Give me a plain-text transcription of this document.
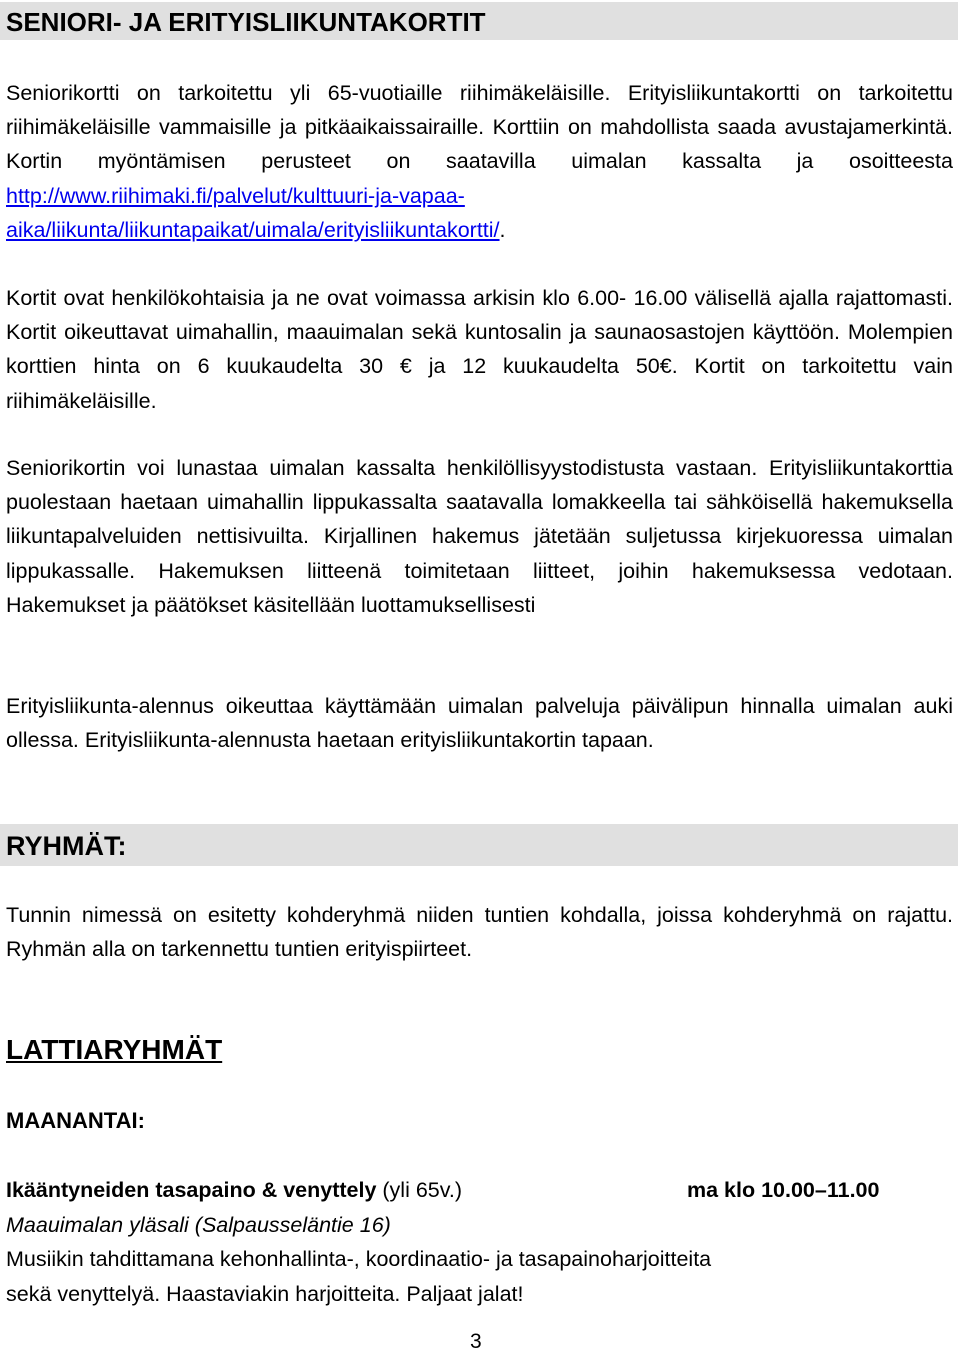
SENIORI- JA ERITYISLIIKUNTAKORTIT
Seniorikortti on tarkoitettu yli 65-vuotiaille riihimäkeläisille. Erityisliikuntakortti on tarkoitettu riihimäkeläisille vammaisille ja pitkäaikaissairaille. Korttiin on mahdollista saada avustajamerkintä. Kortin myöntämisen perusteet on saatavilla uimalan kassalta ja osoitteesta http://www.riihimaki.fi/palvelut/kulttuuri-ja-vapaa-aika/liikunta/liikuntapaikat/uimala/erityisliikuntakortti/.
Kortit ovat henkilökohtaisia ja ne ovat voimassa arkisin klo 6.00- 16.00 välisellä ajalla rajattomasti. Kortit oikeuttavat uimahallin, maauimalan sekä kuntosalin ja saunaosastojen käyttöön. Molempien korttien hinta on 6 kuukaudelta 30 € ja 12 kuukaudelta 50€. Kortit on tarkoitettu vain riihimäkeläisille.
Seniorikortin voi lunastaa uimalan kassalta henkilöllisyystodistusta vastaan. Erityisliikuntakorttia puolestaan haetaan uimahallin lippukassalta saatavalla lomakkeella tai sähköisellä hakemuksella liikuntapalveluiden nettisivuilta. Kirjallinen hakemus jätetään suljetussa kirjekuoressa uimalan lippukassalle. Hakemuksen liitteenä toimitetaan liitteet, joihin hakemuksessa vedotaan. Hakemukset ja päätökset käsitellään luottamuksellisesti
Erityisliikunta-alennus oikeuttaa käyttämään uimalan palveluja päivälipun hinnalla uimalan auki ollessa. Erityisliikunta-alennusta haetaan erityisliikuntakortin tapaan.
RYHMÄT:
Tunnin nimessä on esitetty kohderyhmä niiden tuntien kohdalla, joissa kohderyhmä on rajattu. Ryhmän alla on tarkennettu tuntien erityispiirteet.
LATTIARYHMÄT
MAANANTAI:
Ikääntyneiden tasapaino & venyttely (yli 65v.)	ma klo 10.00–11.00
Maauimalan yläsali (Salpausseläntie 16)
Musiikin tahdittamana kehonhallinta-, koordinaatio- ja tasapainoharjoitteita
sekä venyttelyä. Haastaviakin harjoitteita. Paljaat jalat!
3
